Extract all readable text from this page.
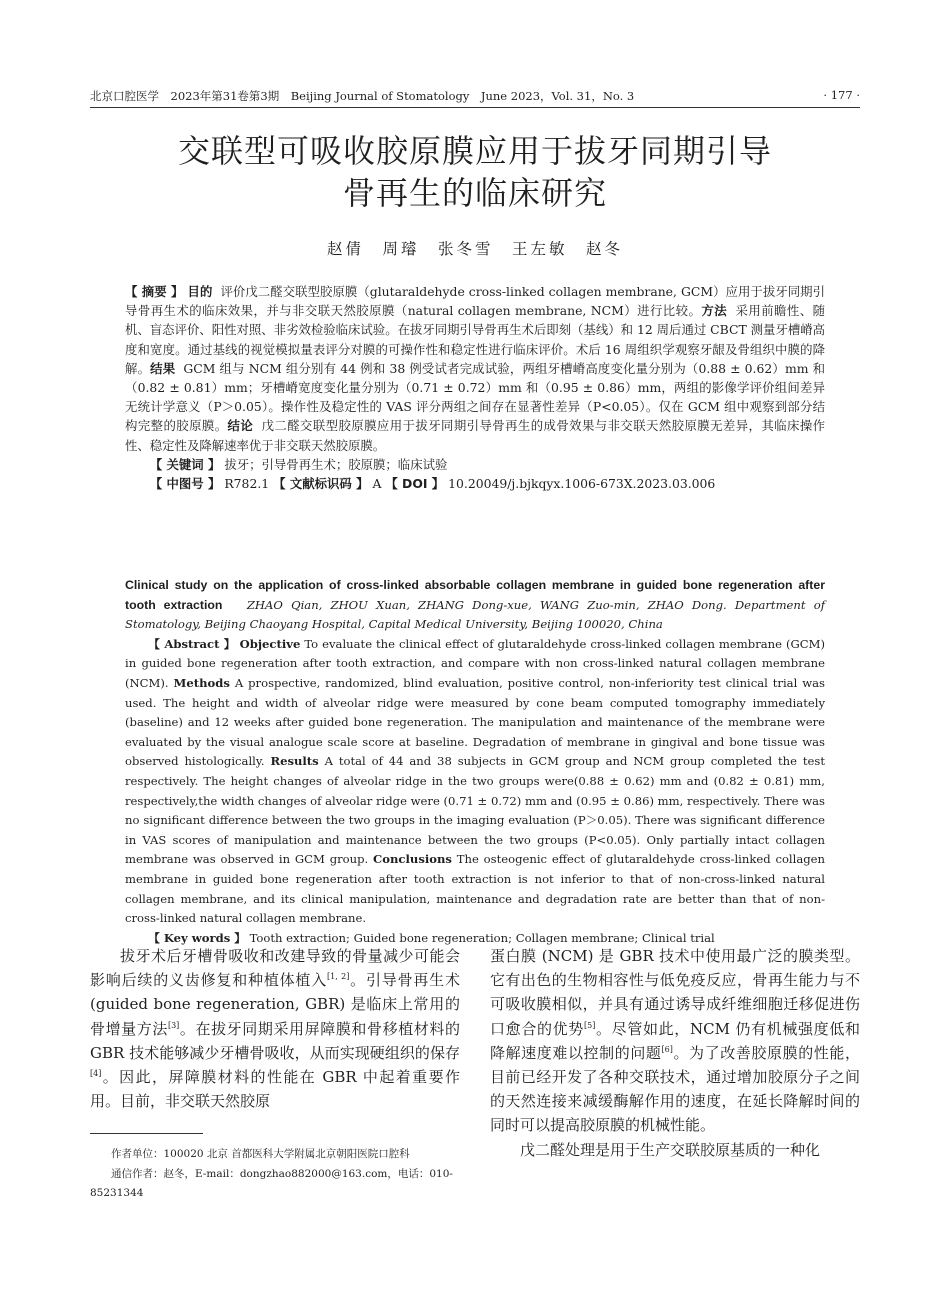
北京口腔医学　2023年第31卷第3期　Beijing Journal of Stomatology　June 2023，Vol. 31，No. 3	· 177 ·
交联型可吸收胶原膜应用于拔牙同期引导
骨再生的临床研究
赵倩　周璿　张冬雪　王左敏　赵冬

【 摘要 】 目的 评价戊二醛交联型胶原膜（glutaraldehyde cross-linked collagen membrane, GCM）应用于拔牙同期引导骨再生术的临床效果，并与非交联天然胶原膜（natural collagen membrane, NCM）进行比较。方法 采用前瞻性、随机、盲态评价、阳性对照、非劣效检验临床试验。在拔牙同期引导骨再生术后即刻（基线）和 12 周后通过 CBCT 测量牙槽嵴高度和宽度。通过基线的视觉模拟量表评分对膜的可操作性和稳定性进行临床评价。术后 16 周组织学观察牙龈及骨组织中膜的降解。结果 GCM 组与 NCM 组分别有 44 例和 38 例受试者完成试验，两组牙槽嵴高度变化量分别为（0.88 ± 0.62）mm 和（0.82 ± 0.81）mm；牙槽嵴宽度变化量分别为（0.71 ± 0.72）mm 和（0.95 ± 0.86）mm，两组的影像学评价组间差异无统计学意义（P＞0.05）。操作性及稳定性的 VAS 评分两组之间存在显著性差异（P<0.05）。仅在 GCM 组中观察到部分结构完整的胶原膜。结论 戊二醛交联型胶原膜应用于拔牙同期引导骨再生的成骨效果与非交联天然胶原膜无差异，其临床操作性、稳定性及降解速率优于非交联天然胶原膜。

【 关键词 】 拔牙；引导骨再生术；胶原膜；临床试验

【 中图号 】 R782.1 【 文献标识码 】 A 【 DOI 】 10.20049/j.bjkqyx.1006-673X.2023.03.006

Clinical study on the application of cross-linked absorbable collagen membrane in guided bone regeneration after tooth extraction ZHAO Qian, ZHOU Xuan, ZHANG Dong-xue, WANG Zuo-min, ZHAO Dong. Department of Stomatology, Beijing Chaoyang Hospital, Capital Medical University, Beijing 100020, China

【 Abstract 】 Objective To evaluate the clinical effect of glutaraldehyde cross-linked collagen membrane (GCM) in guided bone regeneration after tooth extraction, and compare with non cross-linked natural collagen membrane (NCM). Methods A prospective, randomized, blind evaluation, positive control, non-inferiority test clinical trial was used. The height and width of alveolar ridge were measured by cone beam computed tomography immediately (baseline) and 12 weeks after guided bone regeneration. The manipulation and maintenance of the membrane were evaluated by the visual analogue scale score at baseline. Degradation of membrane in gingival and bone tissue was observed histologically. Results A total of 44 and 38 subjects in GCM group and NCM group completed the test respectively. The height changes of alveolar ridge in the two groups were(0.88 ± 0.62) mm and (0.82 ± 0.81) mm, respectively,the width changes of alveolar ridge were (0.71 ± 0.72) mm and (0.95 ± 0.86) mm, respectively. There was no significant difference between the two groups in the imaging evaluation (P＞0.05). There was significant difference in VAS scores of manipulation and maintenance between the two groups (P<0.05). Only partially intact collagen membrane was observed in GCM group. Conclusions The osteogenic effect of glutaraldehyde cross-linked collagen membrane in guided bone regeneration after tooth extraction is not inferior to that of non-cross-linked natural collagen membrane, and its clinical manipulation, maintenance and degradation rate are better than that of non-cross-linked natural collagen membrane.

【 Key words 】 Tooth extraction; Guided bone regeneration; Collagen membrane; Clinical trial

拔牙术后牙槽骨吸收和改建导致的骨量减少可能会影响后续的义齿修复和种植体植入[1, 2]。引导骨再生术 (guided bone regeneration, GBR) 是临床上常用的骨增量方法[3]。在拔牙同期采用屏障膜和骨移植材料的 GBR 技术能够减少牙槽骨吸收，从而实现硬组织的保存[4]。因此，屏障膜材料的性能在 GBR 中起着重要作用。目前，非交联天然胶原

作者单位：100020 北京 首都医科大学附属北京朝阳医院口腔科

通信作者：赵冬，E-mail：dongzhao882000@163.com，电话：010-85231344

蛋白膜 (NCM) 是 GBR 技术中使用最广泛的膜类型。它有出色的生物相容性与低免疫反应，骨再生能力与不可吸收膜相似，并具有通过诱导成纤维细胞迁移促进伤口愈合的优势[5]。尽管如此，NCM 仍有机械强度低和降解速度难以控制的问题[6]。为了改善胶原膜的性能，目前已经开发了各种交联技术，通过增加胶原分子之间的天然连接来减缓酶解作用的速度，在延长降解时间的同时可以提高胶原膜的机械性能。

戊二醛处理是用于生产交联胶原基质的一种化
